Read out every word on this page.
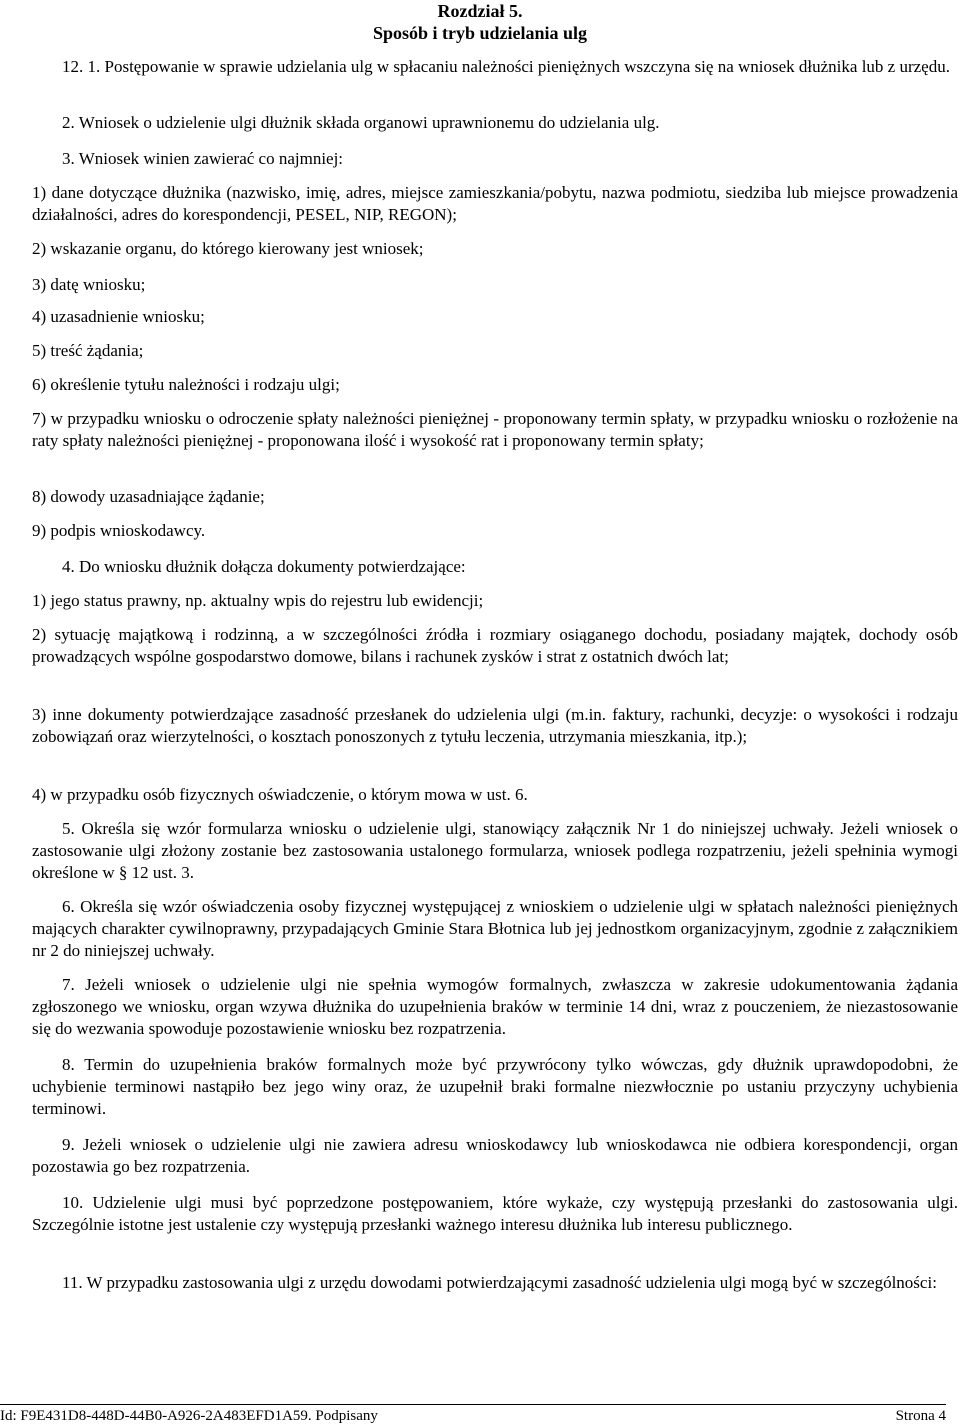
Rozdział 5.
Sposób i tryb udzielania ulg

12. 1. Postępowanie w sprawie udzielania ulg w spłacaniu należności pieniężnych wszczyna się na wniosek dłużnika lub z urzędu.

2. Wniosek o udzielenie ulgi dłużnik składa organowi uprawnionemu do udzielania ulg.

3. Wniosek winien zawierać co najmniej:

1) dane dotyczące dłużnika (nazwisko, imię, adres, miejsce zamieszkania/pobytu, nazwa podmiotu, siedziba lub miejsce prowadzenia działalności, adres do korespondencji, PESEL, NIP, REGON);

2) wskazanie organu, do którego kierowany jest wniosek;

3) datę wniosku;

4) uzasadnienie wniosku;

5) treść żądania;

6) określenie tytułu należności i rodzaju ulgi;

7) w przypadku wniosku o odroczenie spłaty należności pieniężnej - proponowany termin spłaty, w przypadku wniosku o rozłożenie na raty spłaty należności pieniężnej - proponowana ilość i wysokość rat i proponowany termin spłaty;

8) dowody uzasadniające żądanie;

9) podpis wnioskodawcy.

4. Do wniosku dłużnik dołącza dokumenty potwierdzające:

1) jego status prawny, np. aktualny wpis do rejestru lub ewidencji;

2) sytuację majątkową i rodzinną, a w szczególności źródła i rozmiary osiąganego dochodu, posiadany majątek, dochody osób prowadzących wspólne gospodarstwo domowe, bilans i rachunek zysków i strat z ostatnich dwóch lat;

3) inne dokumenty potwierdzające zasadność przesłanek do udzielenia ulgi (m.in. faktury, rachunki, decyzje: o wysokości i rodzaju zobowiązań oraz wierzytelności, o kosztach ponoszonych z tytułu leczenia, utrzymania mieszkania, itp.);

4) w przypadku osób fizycznych oświadczenie, o którym mowa w ust. 6.

5. Określa się wzór formularza wniosku o udzielenie ulgi, stanowiący załącznik Nr 1 do niniejszej uchwały. Jeżeli wniosek o zastosowanie ulgi złożony zostanie bez zastosowania ustalonego formularza, wniosek podlega rozpatrzeniu, jeżeli spełninia wymogi określone w § 12 ust. 3.

6. Określa się wzór oświadczenia osoby fizycznej występującej z wnioskiem o udzielenie ulgi w spłatach należności pieniężnych mających charakter cywilnoprawny, przypadających Gminie Stara Błotnica lub jej jednostkom organizacyjnym, zgodnie z załącznikiem nr 2 do niniejszej uchwały.

7. Jeżeli wniosek o udzielenie ulgi nie spełnia wymogów formalnych, zwłaszcza w zakresie udokumentowania żądania zgłoszonego we wniosku, organ wzywa dłużnika do uzupełnienia braków w terminie 14 dni, wraz z pouczeniem, że niezastosowanie się do wezwania spowoduje pozostawienie wniosku bez rozpatrzenia.

8. Termin do uzupełnienia braków formalnych może być przywrócony tylko wówczas, gdy dłużnik uprawdopodobni, że uchybienie terminowi nastąpiło bez jego winy oraz, że uzupełnił braki formalne niezwłocznie po ustaniu przyczyny uchybienia terminowi.

9. Jeżeli wniosek o udzielenie ulgi nie zawiera adresu wnioskodawcy lub wnioskodawca nie odbiera korespondencji, organ pozostawia go bez rozpatrzenia.

10. Udzielenie ulgi musi być poprzedzone postępowaniem, które wykaże, czy występują przesłanki do zastosowania ulgi. Szczególnie istotne jest ustalenie czy występują przesłanki ważnego interesu dłużnika lub interesu publicznego.

11. W przypadku zastosowania ulgi z urzędu dowodami potwierdzającymi zasadność udzielenia ulgi mogą być w szczególności:

Id: F9E431D8-448D-44B0-A926-2A483EFD1A59. Podpisany	Strona 4
